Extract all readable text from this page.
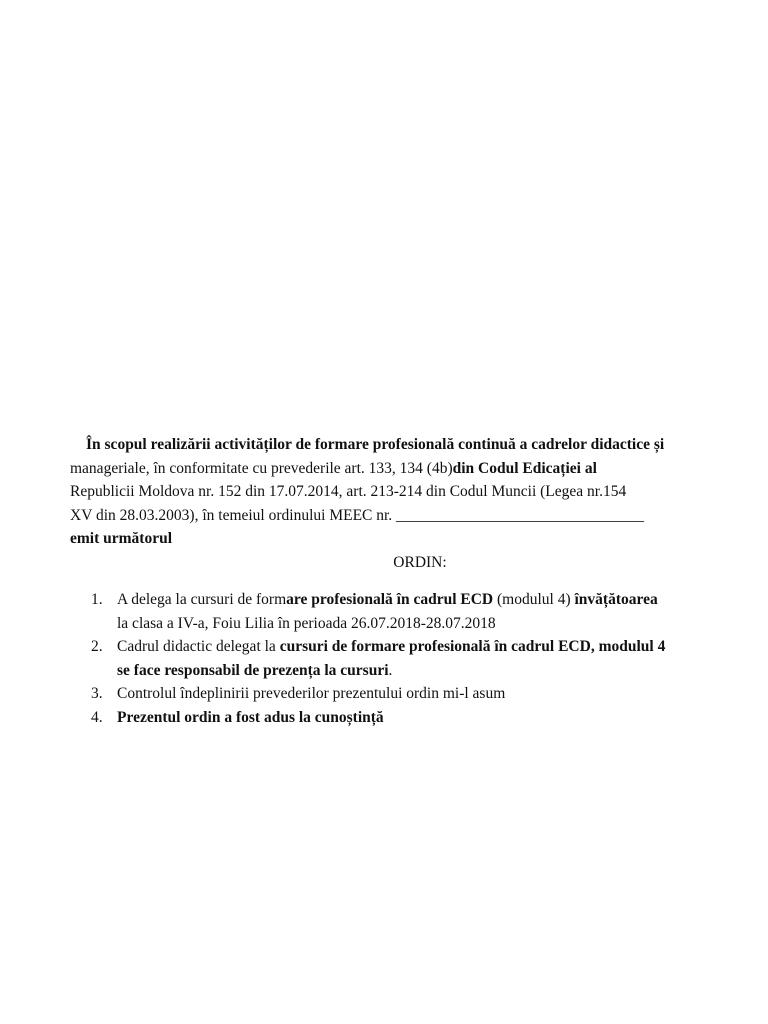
În scopul realizării activităților de formare profesională continuă a cadrelor didactice și
manageriale, în conformitate cu prevederile art. 133, 134 (4b)din Codul Edicației al
Republicii Moldova nr. 152 din 17.07.2014, art. 213-214 din Codul Muncii (Legea nr.154
XV din 28.03.2003), în temeiul ordinului MEEC nr. ________________________________
emit următorul
ORDIN:
1. A delega la cursuri de formare profesională în cadrul ECD (modulul 4) învățătoarea
la clasa a IV-a, Foiu Lilia în perioada 26.07.2018-28.07.2018
2. Cadrul didactic delegat la cursuri de formare profesională în cadrul ECD, modulul 4
se face responsabil de prezența la cursuri.
3. Controlul îndeplinirii prevederilor prezentului ordin mi-l asum
4. Prezentul ordin a fost adus la cunoștință
